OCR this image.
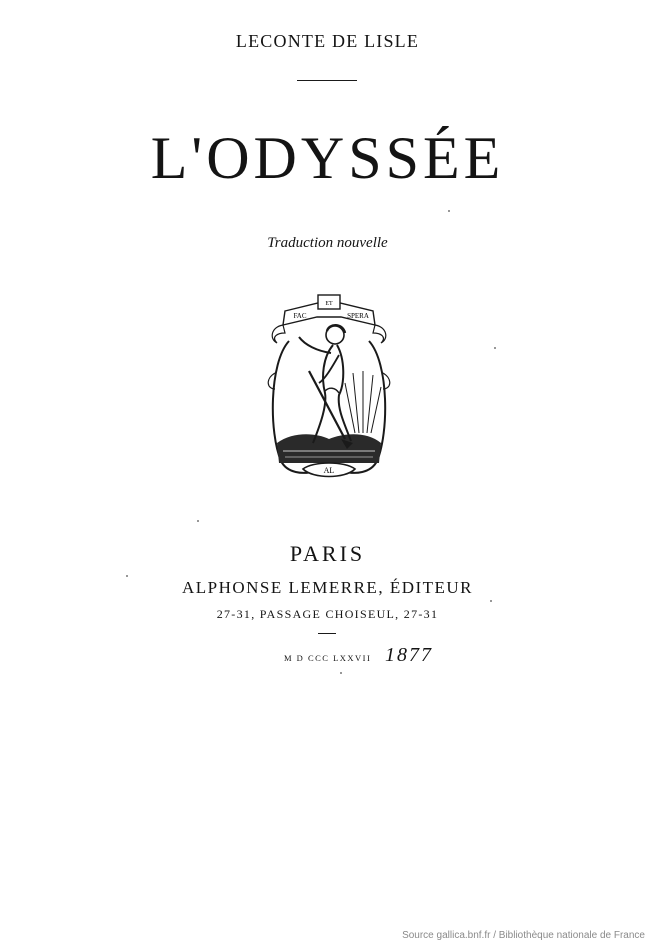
LECONTE DE LISLE
L'ODYSSÉE
Traduction nouvelle
FAC
ET
SPERA
AL
PARIS
ALPHONSE LEMERRE, ÉDITEUR
27-31, PASSAGE CHOISEUL, 27-31
M D CCC LXXVII 1877
Source gallica.bnf.fr / Bibliothèque nationale de France
